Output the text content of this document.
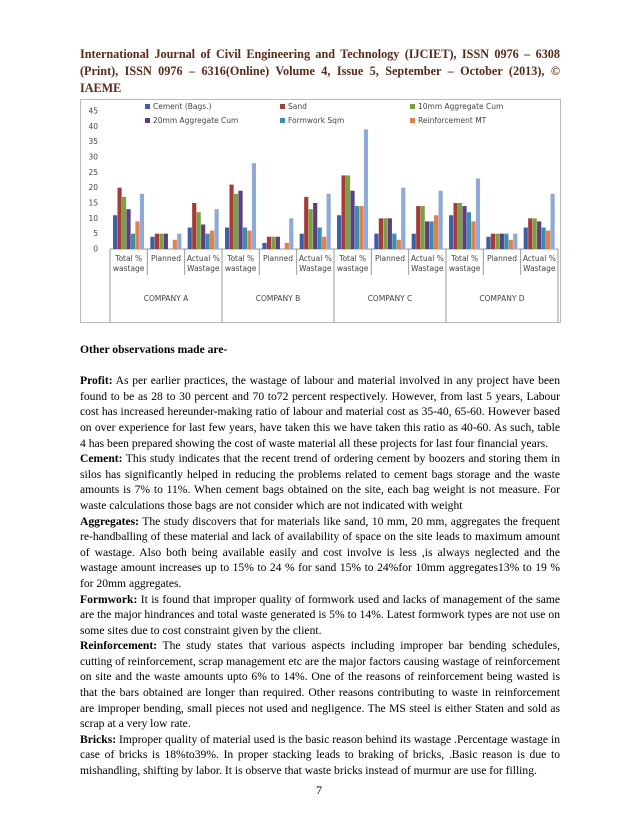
International Journal of Civil Engineering and Technology (IJCIET), ISSN 0976 – 6308
(Print), ISSN 0976 – 6316(Online) Volume 4, Issue 5, September – October (2013), © IAEME
0
5
10
15
20
25
30
35
40
45
Total %
wastage
Planned Actual %
Wastage
Total %
wastage
Planned Actual %
Wastage
Total %
wastage
Planned Actual %
Wastage
Total %
wastage
Planned Actual %
Wastage
COMPANY A	COMPANY B	COMPANY C	COMPANY D
Cement (Bags.)	Sand	10mm Aggregate Cum
20mm Aggregate Cum	Formwork Sqm	Reinforcement MT

Other observations made are-

Profit: As per earlier practices, the wastage of labour and material involved in any project have been found to be as 28 to 30 percent and 70 to72 percent respectively. However, from last 5 years, Labour cost has increased hereunder-making ratio of labour and material cost as 35-40, 65-60. However based on over experience for last few years, have taken this we have taken this ratio as 40-60. As such, table 4 has been prepared showing the cost of waste material all these projects for last four financial years.

Cement: This study indicates that the recent trend of ordering cement by boozers and storing them in silos has significantly helped in reducing the problems related to cement bags storage and the waste amounts is 7% to 11%. When cement bags obtained on the site, each bag weight is not measure. For waste calculations those bags are not consider which are not indicated with weight

Aggregates: The study discovers that for materials like sand, 10 mm, 20 mm, aggregates the frequent re-handballing of these material and lack of availability of space on the site leads to maximum amount of wastage. Also both being available easily and cost involve is less ,is always neglected and the wastage amount increases up to 15% to 24 % for sand 15% to 24%for 10mm aggregates13% to 19 % for 20mm aggregates.

Formwork: It is found that improper quality of formwork used and lacks of management of the same are the major hindrances and total waste generated is 5% to 14%. Latest formwork types are not use on some sites due to cost constraint given by the client.

Reinforcement: The study states that various aspects including improper bar bending schedules, cutting of reinforcement, scrap management etc are the major factors causing wastage of reinforcement on site and the waste amounts upto 6% to 14%. One of the reasons of reinforcement being wasted is that the bars obtained are longer than required. Other reasons contributing to waste in reinforcement are improper bending, small pieces not used and negligence. The MS steel is either Staten and sold as scrap at a very low rate.

Bricks: Improper quality of material used is the basic reason behind its wastage .Percentage wastage in case of bricks is 18%to39%. In proper stacking leads to braking of bricks, .Basic reason is due to mishandling, shifting by labor. It is observe that waste bricks instead of murmur are use for filling.

7
